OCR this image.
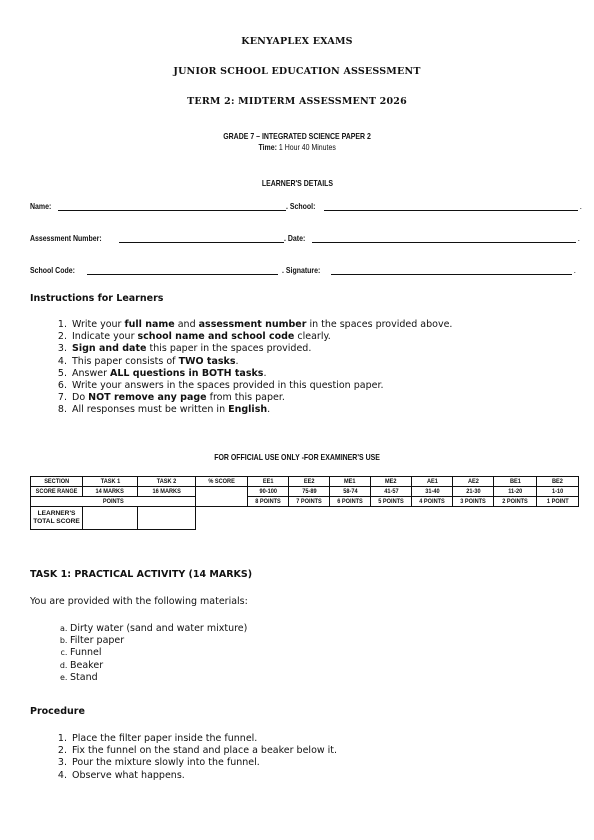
KENYAPLEX EXAMS
JUNIOR SCHOOL EDUCATION ASSESSMENT
TERM 2: MIDTERM ASSESSMENT 2026
GRADE 7 – INTEGRATED SCIENCE PAPER 2
Time: 1 Hour 40 Minutes
LEARNER'S DETAILS
Name:	. School:	.
Assessment Number:	. Date:	.
School Code:	. Signature:	.
Instructions for Learners
1. Write your full name and assessment number in the spaces provided above.
2. Indicate your school name and school code clearly.
3. Sign and date this paper in the spaces provided.
4. This paper consists of TWO tasks.
5. Answer ALL questions in BOTH tasks.
6. Write your answers in the spaces provided in this question paper.
7. Do NOT remove any page from this paper.
8. All responses must be written in English.
FOR OFFICIAL USE ONLY -FOR EXAMINER'S USE
SECTION	TASK 1	TASK 2	% SCORE	EE1	EE2	ME1	ME2	AE1	AE2	BE1	BE2
SCORE RANGE	14 MARKS	16 MARKS		90-100	75-89	58-74	41-57	31-40	21-30	11-20	1-10
POINTS				8 POINTS	7 POINTS	6 POINTS	5 POINTS	4 POINTS	3 POINTS	2 POINTS	1 POINT
LEARNER'S TOTAL SCORE											
TASK 1: PRACTICAL ACTIVITY (14 MARKS)
You are provided with the following materials:
a. Dirty water (sand and water mixture)
b. Filter paper
c. Funnel
d. Beaker
e. Stand
Procedure
1. Place the filter paper inside the funnel.
2. Fix the funnel on the stand and place a beaker below it.
3. Pour the mixture slowly into the funnel.
4. Observe what happens.
